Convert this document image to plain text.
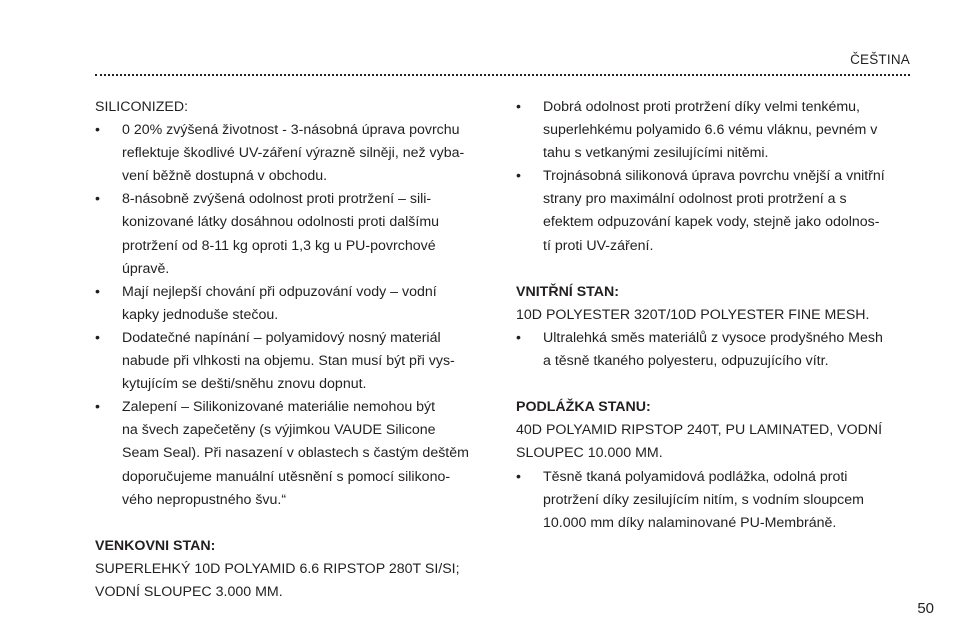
ČEŠTINA
SILICONIZED:
• 0 20% zvýšená životnost - 3-násobná úprava povrchu
reflektuje škodlivé UV-záření výrazně silněji, než vyba-
vení běžně dostupná v obchodu.
• 8-násobně zvýšená odolnost proti protržení – sili-
konizované látky dosáhnou odolnosti proti dalšímu
protržení od 8-11 kg oproti 1,3 kg u PU-povrchové
úpravě.
• Mají nejlepší chování při odpuzování vody – vodní
kapky jednoduše stečou.
• Dodatečné napínání – polyamidový nosný materiál
nabude při vlhkosti na objemu. Stan musí být při vys-
kytujícím se dešti/sněhu znovu dopnut.
• Zalepení – Silikonizované materiálie nemohou být
na švech zapečetěny (s výjimkou VAUDE Silicone
Seam Seal). Při nasazení v oblastech s častým deštěm
doporučujeme manuální utěsnění s pomocí silikono-
vého nepropustného švu.“
VENKOVNI STAN:
SUPERLEHKÝ 10D POLYAMID 6.6 RIPSTOP 280T SI/SI;
VODNÍ SLOUPEC 3.000 MM.
• Dobrá odolnost proti protržení díky velmi tenkému,
superlehkému polyamido 6.6 vému vláknu, pevném v
tahu s vetkanými zesilujícími nitěmi.
• Trojnásobná silikonová úprava povrchu vnější a vnitřní
strany pro maximální odolnost proti protržení a s
efektem odpuzování kapek vody, stejně jako odolnos-
tí proti UV-záření.
VNITŘNÍ STAN:
10D POLYESTER 320T/10D POLYESTER FINE MESH.
• Ultralehká směs materiálů z vysoce prodyšného Mesh
a těsně tkaného polyesteru, odpuzujícího vítr.
PODLÁŽKA STANU:
40D POLYAMID RIPSTOP 240T, PU LAMINATED, VODNÍ
SLOUPEC 10.000 MM.
• Těsně tkaná polyamidová podlážka, odolná proti
protržení díky zesilujícím nitím, s vodním sloupcem
10.000 mm díky nalaminované PU-Membráně.
50
